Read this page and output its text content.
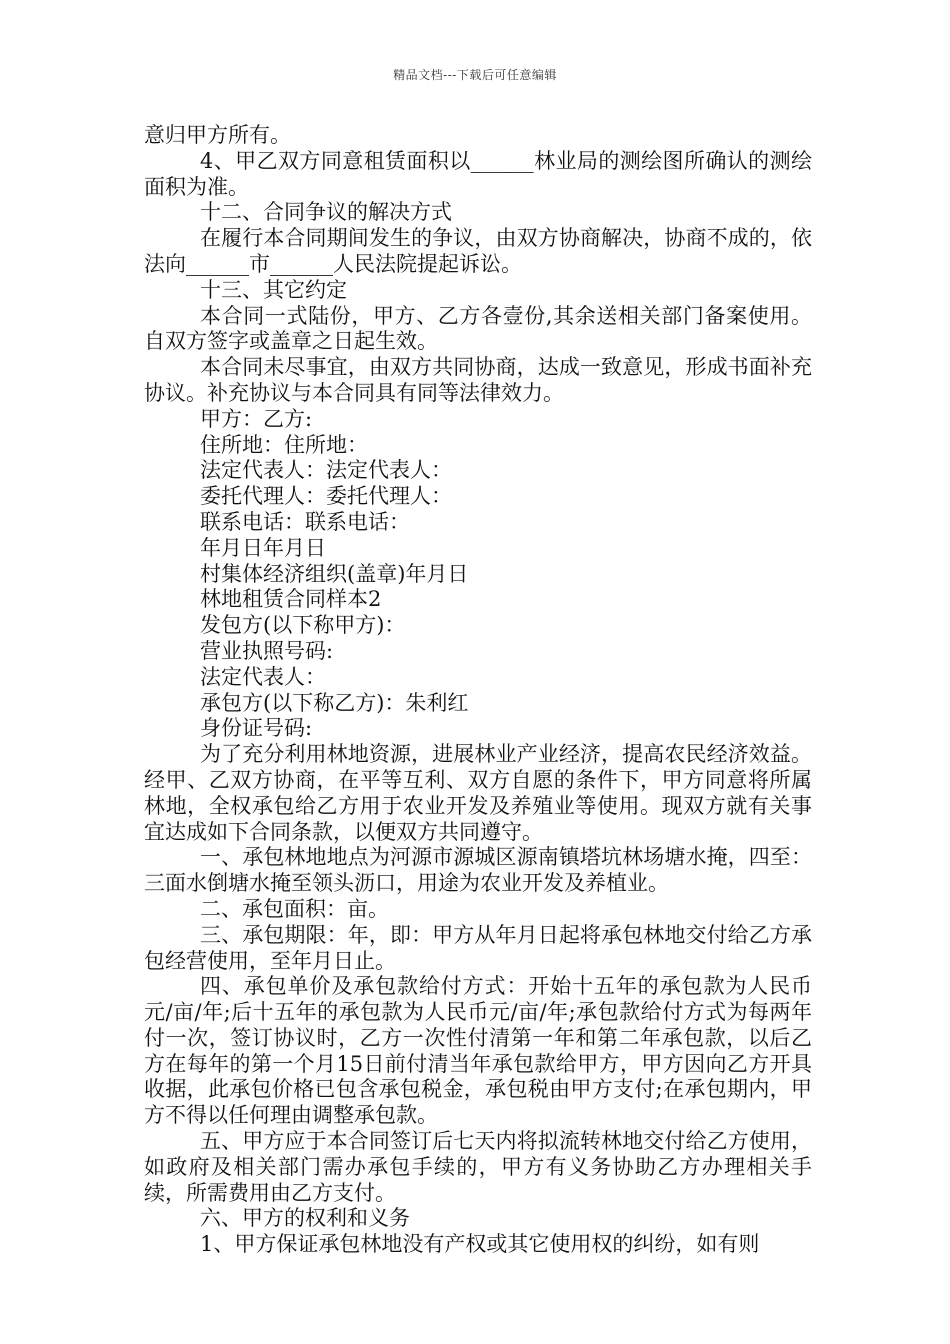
精品文档---下载后可任意编辑

意归甲方所有。

4、甲乙双方同意租赁面积以______林业局的测绘图所确认的测绘面积为准。

十二、合同争议的解决方式

在履行本合同期间发生的争议，由双方协商解决，协商不成的，依法向______市______人民法院提起诉讼。

十三、其它约定

本合同一式陆份，甲方、乙方各壹份,其余送相关部门备案使用。自双方签字或盖章之日起生效。

本合同未尽事宜，由双方共同协商，达成一致意见，形成书面补充协议。补充协议与本合同具有同等法律效力。

甲方：乙方:

住所地：住所地：

法定代表人：法定代表人：

委托代理人：委托代理人：

联系电话：联系电话：

年月日年月日

村集体经济组织(盖章)年月日

林地租赁合同样本2

发包方(以下称甲方)：

营业执照号码:

法定代表人：

承包方(以下称乙方)：朱利红

身份证号码:

为了充分利用林地资源，进展林业产业经济，提高农民经济效益。经甲、乙双方协商，在平等互利、双方自愿的条件下，甲方同意将所属林地，全权承包给乙方用于农业开发及养殖业等使用。现双方就有关事宜达成如下合同条款，以便双方共同遵守。

一、承包林地地点为河源市源城区源南镇塔坑林场塘水掩，四至：三面水倒塘水掩至领头沥口，用途为农业开发及养植业。

二、承包面积：亩。

三、承包期限：年，即：甲方从年月日起将承包林地交付给乙方承包经营使用，至年月日止。

四、承包单价及承包款给付方式：开始十五年的承包款为人民币元/亩/年;后十五年的承包款为人民币元/亩/年;承包款给付方式为每两年付一次，签订协议时，乙方一次性付清第一年和第二年承包款，以后乙方在每年的第一个月15日前付清当年承包款给甲方，甲方因向乙方开具收据，此承包价格已包含承包税金，承包税由甲方支付;在承包期内，甲方不得以任何理由调整承包款。

五、甲方应于本合同签订后七天内将拟流转林地交付给乙方使用，如政府及相关部门需办承包手续的，甲方有义务协助乙方办理相关手续，所需费用由乙方支付。

六、甲方的权利和义务

1、甲方保证承包林地没有产权或其它使用权的纠纷，如有则
